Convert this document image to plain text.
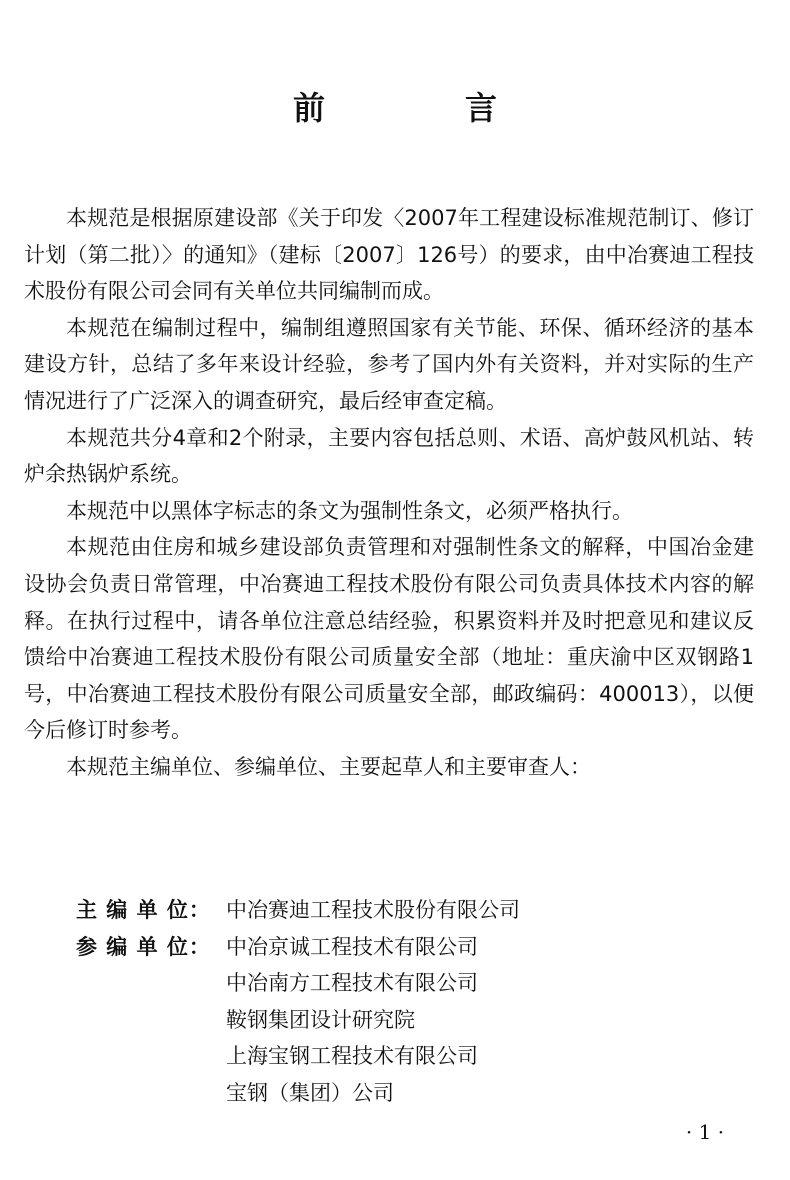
前　言

本规范是根据原建设部《关于印发〈2007年工程建设标准规范制订、修订计划（第二批）〉的通知》（建标〔2007〕126号）的要求，由中冶赛迪工程技术股份有限公司会同有关单位共同编制而成。

本规范在编制过程中，编制组遵照国家有关节能、环保、循环经济的基本建设方针，总结了多年来设计经验，参考了国内外有关资料，并对实际的生产情况进行了广泛深入的调查研究，最后经审查定稿。

本规范共分4章和2个附录，主要内容包括总则、术语、高炉鼓风机站、转炉余热锅炉系统。

本规范中以黑体字标志的条文为强制性条文，必须严格执行。

本规范由住房和城乡建设部负责管理和对强制性条文的解释，中国冶金建设协会负责日常管理，中冶赛迪工程技术股份有限公司负责具体技术内容的解释。在执行过程中，请各单位注意总结经验，积累资料并及时把意见和建议反馈给中冶赛迪工程技术股份有限公司质量安全部（地址：重庆渝中区双钢路1号，中冶赛迪工程技术股份有限公司质量安全部，邮政编码：400013），以便今后修订时参考。

本规范主编单位、参编单位、主要起草人和主要审查人：

主 编 单 位： 中冶赛迪工程技术股份有限公司
参 编 单 位： 中冶京诚工程技术有限公司
中冶南方工程技术有限公司
鞍钢集团设计研究院
上海宝钢工程技术有限公司
宝钢（集团）公司
· 1 ·
